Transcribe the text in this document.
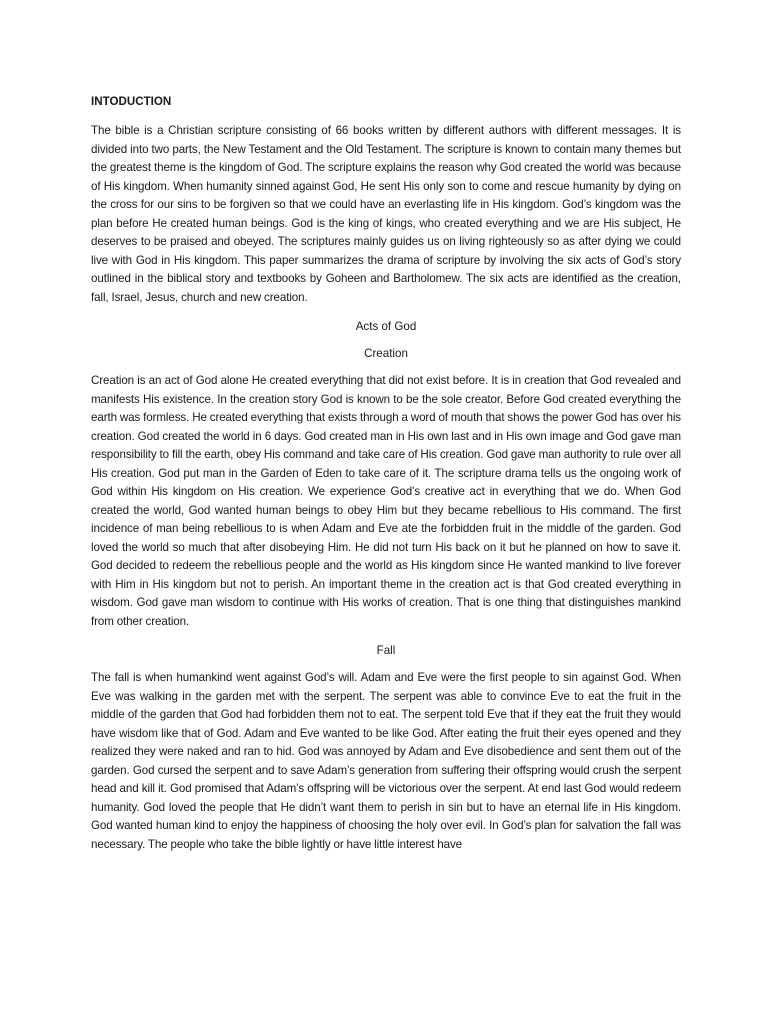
INTODUCTION

The bible is a Christian scripture consisting of 66 books written by different authors with different messages. It is divided into two parts, the New Testament and the Old Testament. The scripture is known to contain many themes but the greatest theme is the kingdom of God. The scripture explains the reason why God created the world was because of His kingdom. When humanity sinned against God, He sent His only son to come and rescue humanity by dying on the cross for our sins to be forgiven so that we could have an everlasting life in His kingdom. God’s kingdom was the plan before He created human beings. God is the king of kings, who created everything and we are His subject, He deserves to be praised and obeyed. The scriptures mainly guides us on living righteously so as after dying we could live with God in His kingdom. This paper summarizes the drama of scripture by involving the six acts of God’s story outlined in the biblical story and textbooks by Goheen and Bartholomew. The six acts are identified as the creation, fall, Israel, Jesus, church and new creation.

Acts of God
Creation

Creation is an act of God alone He created everything that did not exist before. It is in creation that God revealed and manifests His existence. In the creation story God is known to be the sole creator. Before God created everything the earth was formless. He created everything that exists through a word of mouth that shows the power God has over his creation. God created the world in 6 days. God created man in His own last and in His own image and God gave man responsibility to fill the earth, obey His command and take care of His creation. God gave man authority to rule over all His creation. God put man in the Garden of Eden to take care of it. The scripture drama tells us the ongoing work of God within His kingdom on His creation. We experience God’s creative act in everything that we do. When God created the world, God wanted human beings to obey Him but they became rebellious to His command. The first incidence of man being rebellious to is when Adam and Eve ate the forbidden fruit in the middle of the garden. God loved the world so much that after disobeying Him. He did not turn His back on it but he planned on how to save it. God decided to redeem the rebellious people and the world as His kingdom since He wanted mankind to live forever with Him in His kingdom but not to perish. An important theme in the creation act is that God created everything in wisdom. God gave man wisdom to continue with His works of creation. That is one thing that distinguishes mankind from other creation.

Fall

The fall is when humankind went against God’s will. Adam and Eve were the first people to sin against God. When Eve was walking in the garden met with the serpent. The serpent was able to convince Eve to eat the fruit in the middle of the garden that God had forbidden them not to eat. The serpent told Eve that if they eat the fruit they would have wisdom like that of God. Adam and Eve wanted to be like God. After eating the fruit their eyes opened and they realized they were naked and ran to hid. God was annoyed by Adam and Eve disobedience and sent them out of the garden. God cursed the serpent and to save Adam’s generation from suffering their offspring would crush the serpent head and kill it. God promised that Adam’s offspring will be victorious over the serpent. At end last God would redeem humanity. God loved the people that He didn’t want them to perish in sin but to have an eternal life in His kingdom. God wanted human kind to enjoy the happiness of choosing the holy over evil. In God’s plan for salvation the fall was necessary. The people who take the bible lightly or have little interest have
